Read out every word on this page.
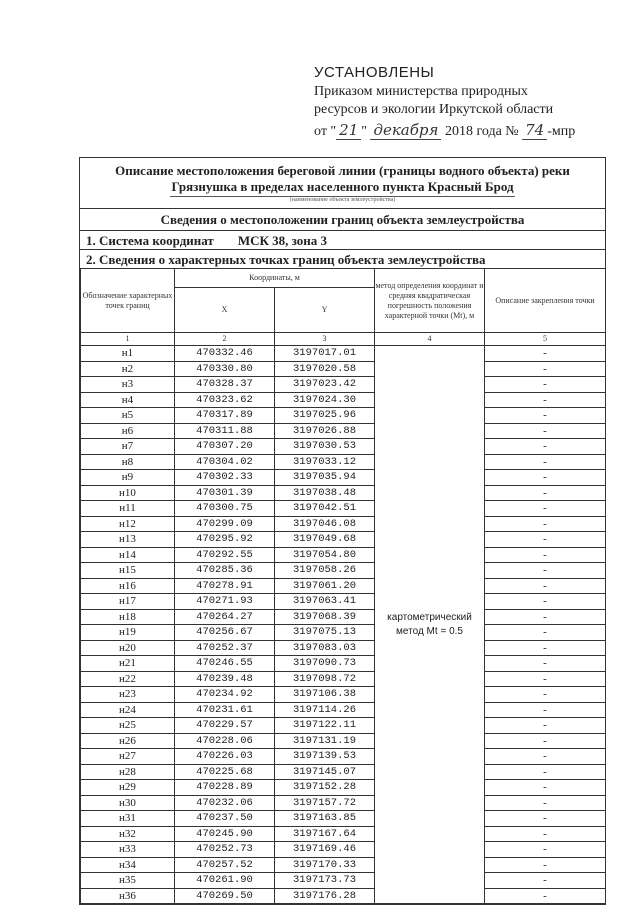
УСТАНОВЛЕНЫ
Приказом министерства природных
ресурсов и экологии Иркутской области
от " 21 " декабря 2018 года № 74 -мпр
Описание местоположения береговой линии (границы водного объекта) реки Грязнушка в пределах населенного пункта Красный Брод
(наименование объекта землеустройства)
Сведения о местоположении границ объекта землеустройства
1. Система координат МСК 38, зона 3
2. Сведения о характерных точках границ объекта землеустройства
Обозначение характерных точек границ	Координаты, м		метод определения координат и средняя квадратическая погрешность положения характерной точки (Mt), м	Описание закрепления точки
	X	Y		
1	2	3	4	5
н1	470332.46	3197017.01	картометрический метод Mt = 0.5	-
н2	470330.80	3197020.58		-
н3	470328.37	3197023.42		-
н4	470323.62	3197024.30		-
н5	470317.89	3197025.96		-
н6	470311.88	3197026.88		-
н7	470307.20	3197030.53		-
н8	470304.02	3197033.12		-
н9	470302.33	3197035.94		-
н10	470301.39	3197038.48		-
н11	470300.75	3197042.51		-
н12	470299.09	3197046.08		-
н13	470295.92	3197049.68		-
н14	470292.55	3197054.80		-
н15	470285.36	3197058.26		-
н16	470278.91	3197061.20		-
н17	470271.93	3197063.41		-
н18	470264.27	3197068.39		-
н19	470256.67	3197075.13		-
н20	470252.37	3197083.03		-
н21	470246.55	3197090.73		-
н22	470239.48	3197098.72		-
н23	470234.92	3197106.38		-
н24	470231.61	3197114.26		-
н25	470229.57	3197122.11		-
н26	470228.06	3197131.19		-
н27	470226.03	3197139.53		-
н28	470225.68	3197145.07		-
н29	470228.89	3197152.28		-
н30	470232.06	3197157.72		-
н31	470237.50	3197163.85		-
н32	470245.90	3197167.64		-
н33	470252.73	3197169.46		-
н34	470257.52	3197170.33		-
н35	470261.90	3197173.73		-
н36	470269.50	3197176.28		-
